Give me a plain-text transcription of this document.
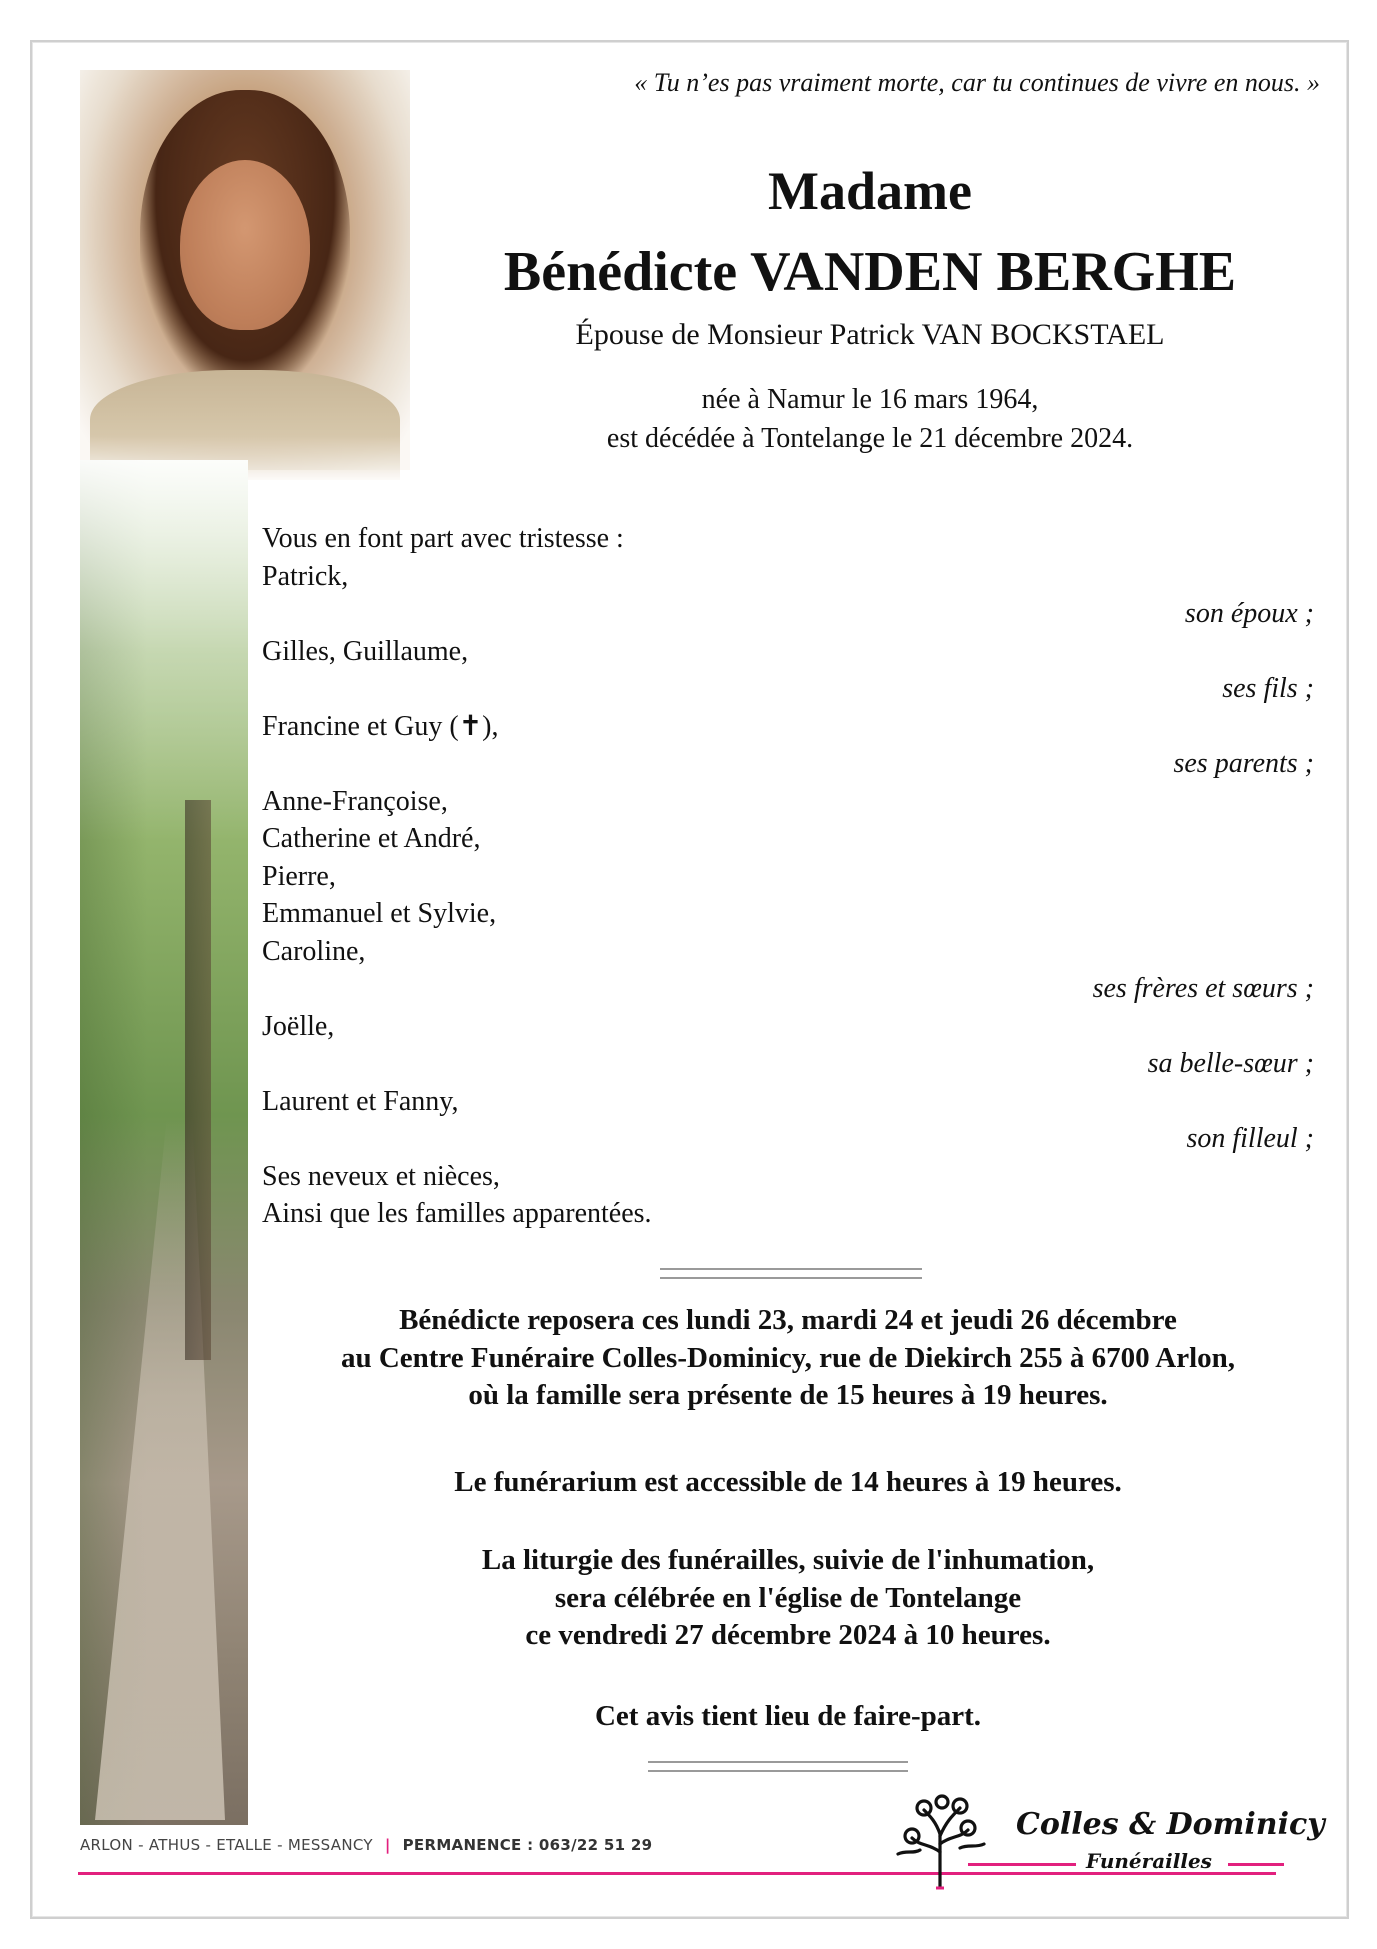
« Tu n’es pas vraiment morte, car tu continues de vivre en nous. »
Madame
Bénédicte VANDEN BERGHE
Épouse de Monsieur Patrick VAN BOCKSTAEL
née à Namur le 16 mars 1964,
est décédée à Tontelange le 21 décembre 2024.
Vous en font part avec tristesse :
Patrick,
son époux ;
Gilles, Guillaume,
ses fils ;
Francine et Guy (✝),
ses parents ;
Anne-Françoise,
Catherine et André,
Pierre,
Emmanuel et Sylvie,
Caroline,
ses frères et sœurs ;
Joëlle,
sa belle-sœur ;
Laurent et Fanny,
son filleul ;
Ses neveux et nièces,
Ainsi que les familles apparentées.
Bénédicte reposera ces lundi 23, mardi 24 et jeudi 26 décembre
au Centre Funéraire Colles-Dominicy, rue de Diekirch 255 à 6700 Arlon,
où la famille sera présente de 15 heures à 19 heures.
Le funérarium est accessible de 14 heures à 19 heures.
La liturgie des funérailles, suivie de l'inhumation,
sera célébrée en l'église de Tontelange
ce vendredi 27 décembre 2024 à 10 heures.
Cet avis tient lieu de faire-part.
ARLON - ATHUS - ETALLE - MESSANCY | PERMANENCE : 063/22 51 29
Colles & Dominicy
Funérailles
